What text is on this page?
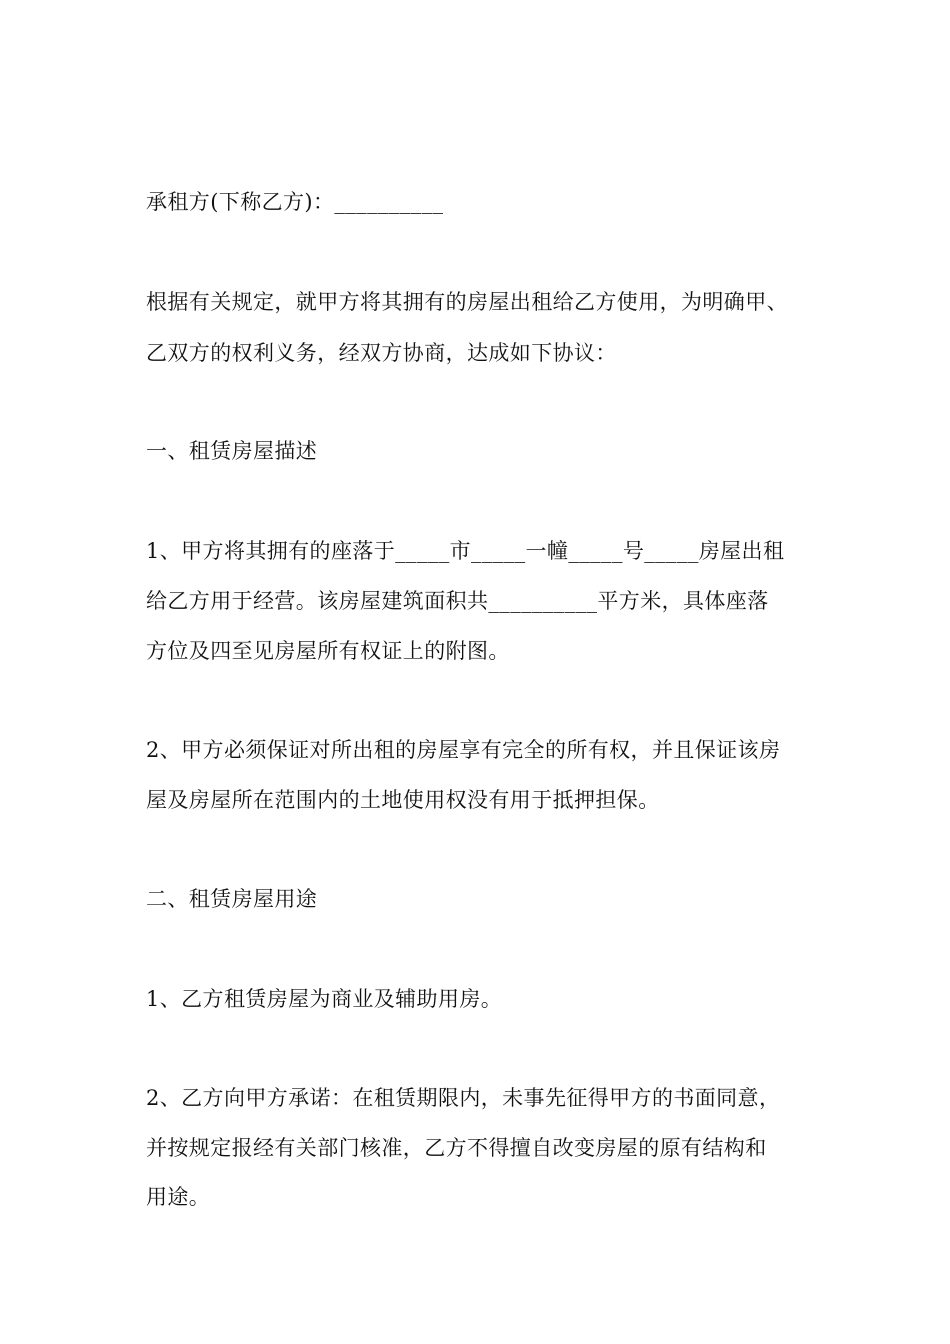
承租方(下称乙方)：__________
根据有关规定，就甲方将其拥有的房屋出租给乙方使用，为明确甲、
乙双方的权利义务，经双方协商，达成如下协议：
一、租赁房屋描述
1、甲方将其拥有的座落于_____市_____一幢_____号_____房屋出租
给乙方用于经营。该房屋建筑面积共__________平方米，具体座落
方位及四至见房屋所有权证上的附图。
2、甲方必须保证对所出租的房屋享有完全的所有权，并且保证该房
屋及房屋所在范围内的土地使用权没有用于抵押担保。
二、租赁房屋用途
1、乙方租赁房屋为商业及辅助用房。
2、乙方向甲方承诺：在租赁期限内，未事先征得甲方的书面同意，
并按规定报经有关部门核准，乙方不得擅自改变房屋的原有结构和
用途。
